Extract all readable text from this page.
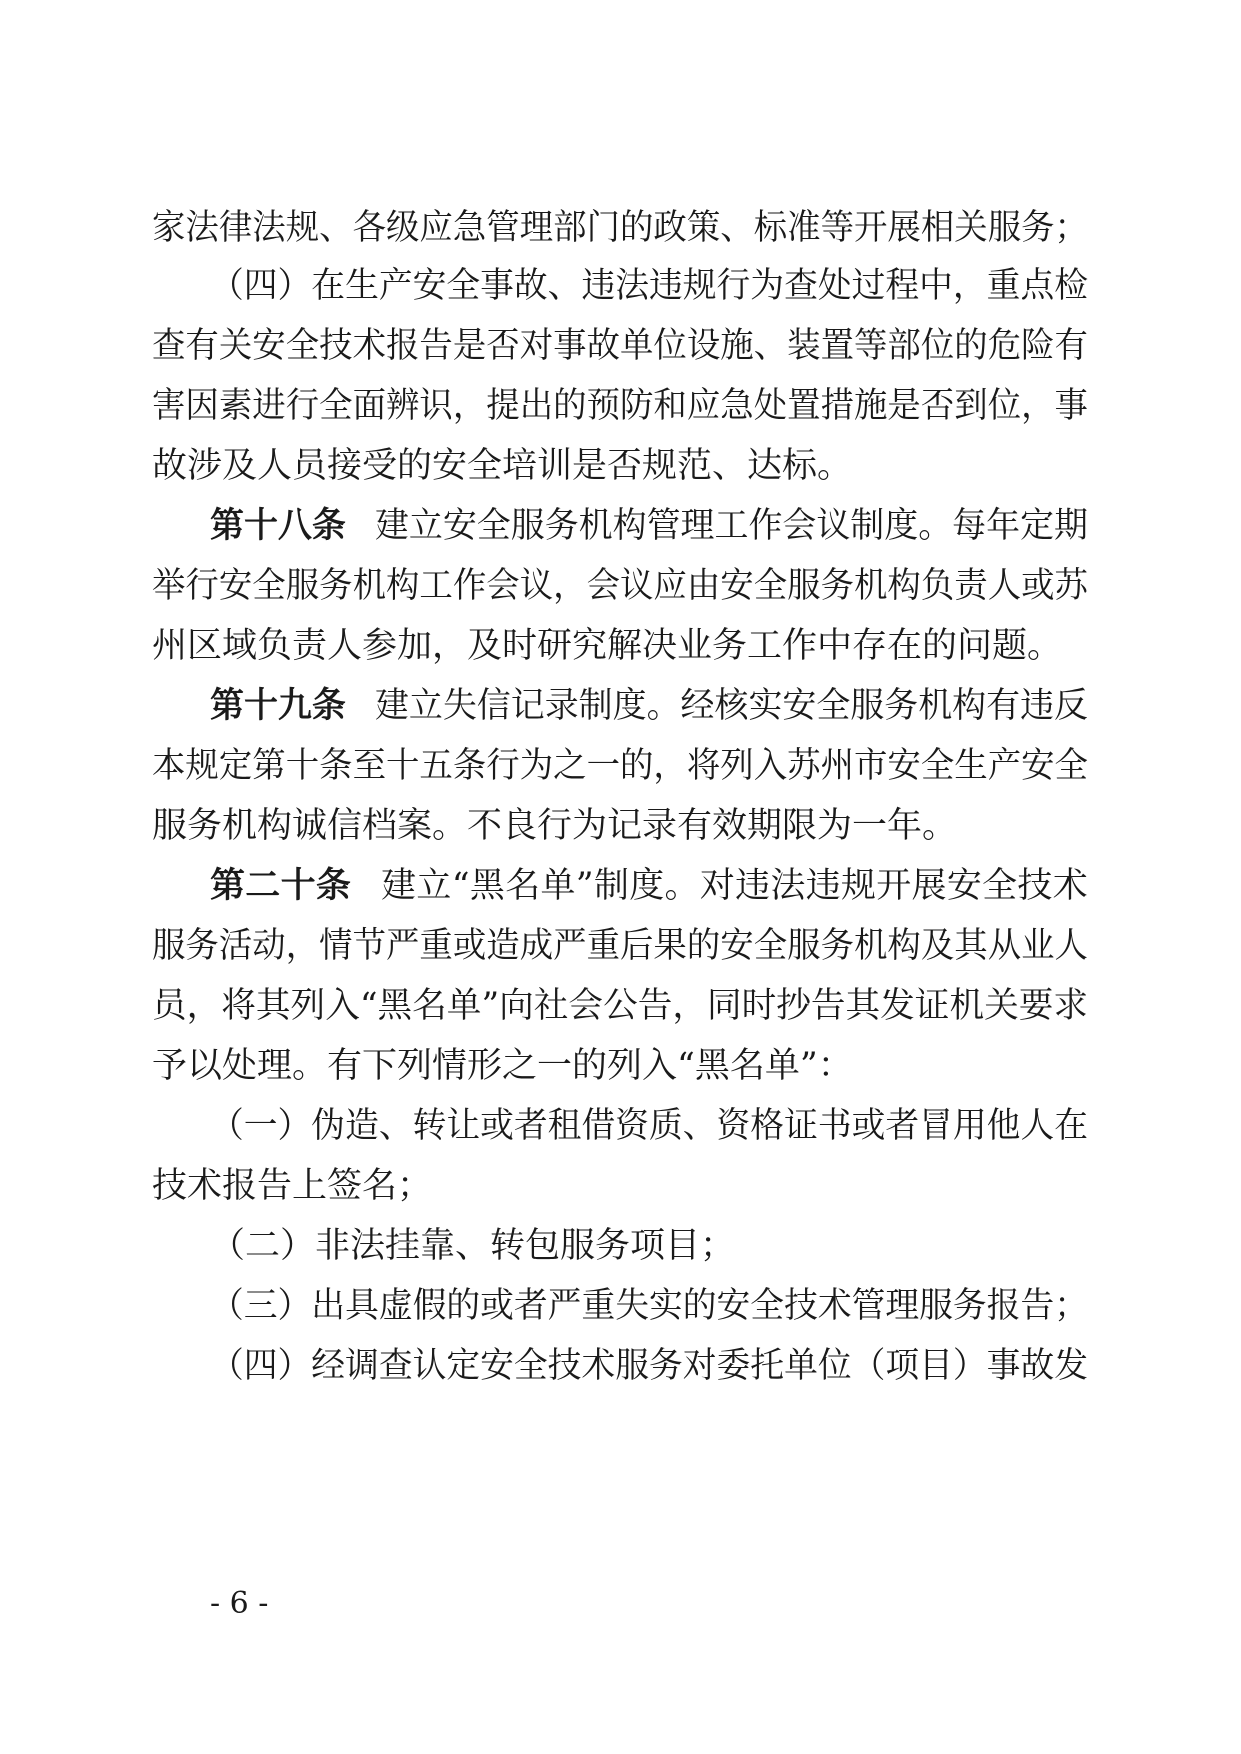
家法律法规、各级应急管理部门的政策、标准等开展相关服务；
（四）在生产安全事故、违法违规行为查处过程中，重点检
查有关安全技术报告是否对事故单位设施、装置等部位的危险有
害因素进行全面辨识，提出的预防和应急处置措施是否到位，事
故涉及人员接受的安全培训是否规范、达标。
第十八条 建立安全服务机构管理工作会议制度。每年定期
举行安全服务机构工作会议，会议应由安全服务机构负责人或苏
州区域负责人参加，及时研究解决业务工作中存在的问题。
第十九条 建立失信记录制度。经核实安全服务机构有违反
本规定第十条至十五条行为之一的，将列入苏州市安全生产安全
服务机构诚信档案。不良行为记录有效期限为一年。
第二十条 建立“黑名单”制度。对违法违规开展安全技术
服务活动，情节严重或造成严重后果的安全服务机构及其从业人
员，将其列入“黑名单”向社会公告，同时抄告其发证机关要求
予以处理。有下列情形之一的列入“黑名单”：
（一）伪造、转让或者租借资质、资格证书或者冒用他人在
技术报告上签名；
（二）非法挂靠、转包服务项目；
（三）出具虚假的或者严重失实的安全技术管理服务报告；
（四）经调查认定安全技术服务对委托单位（项目）事故发
- 6 -
